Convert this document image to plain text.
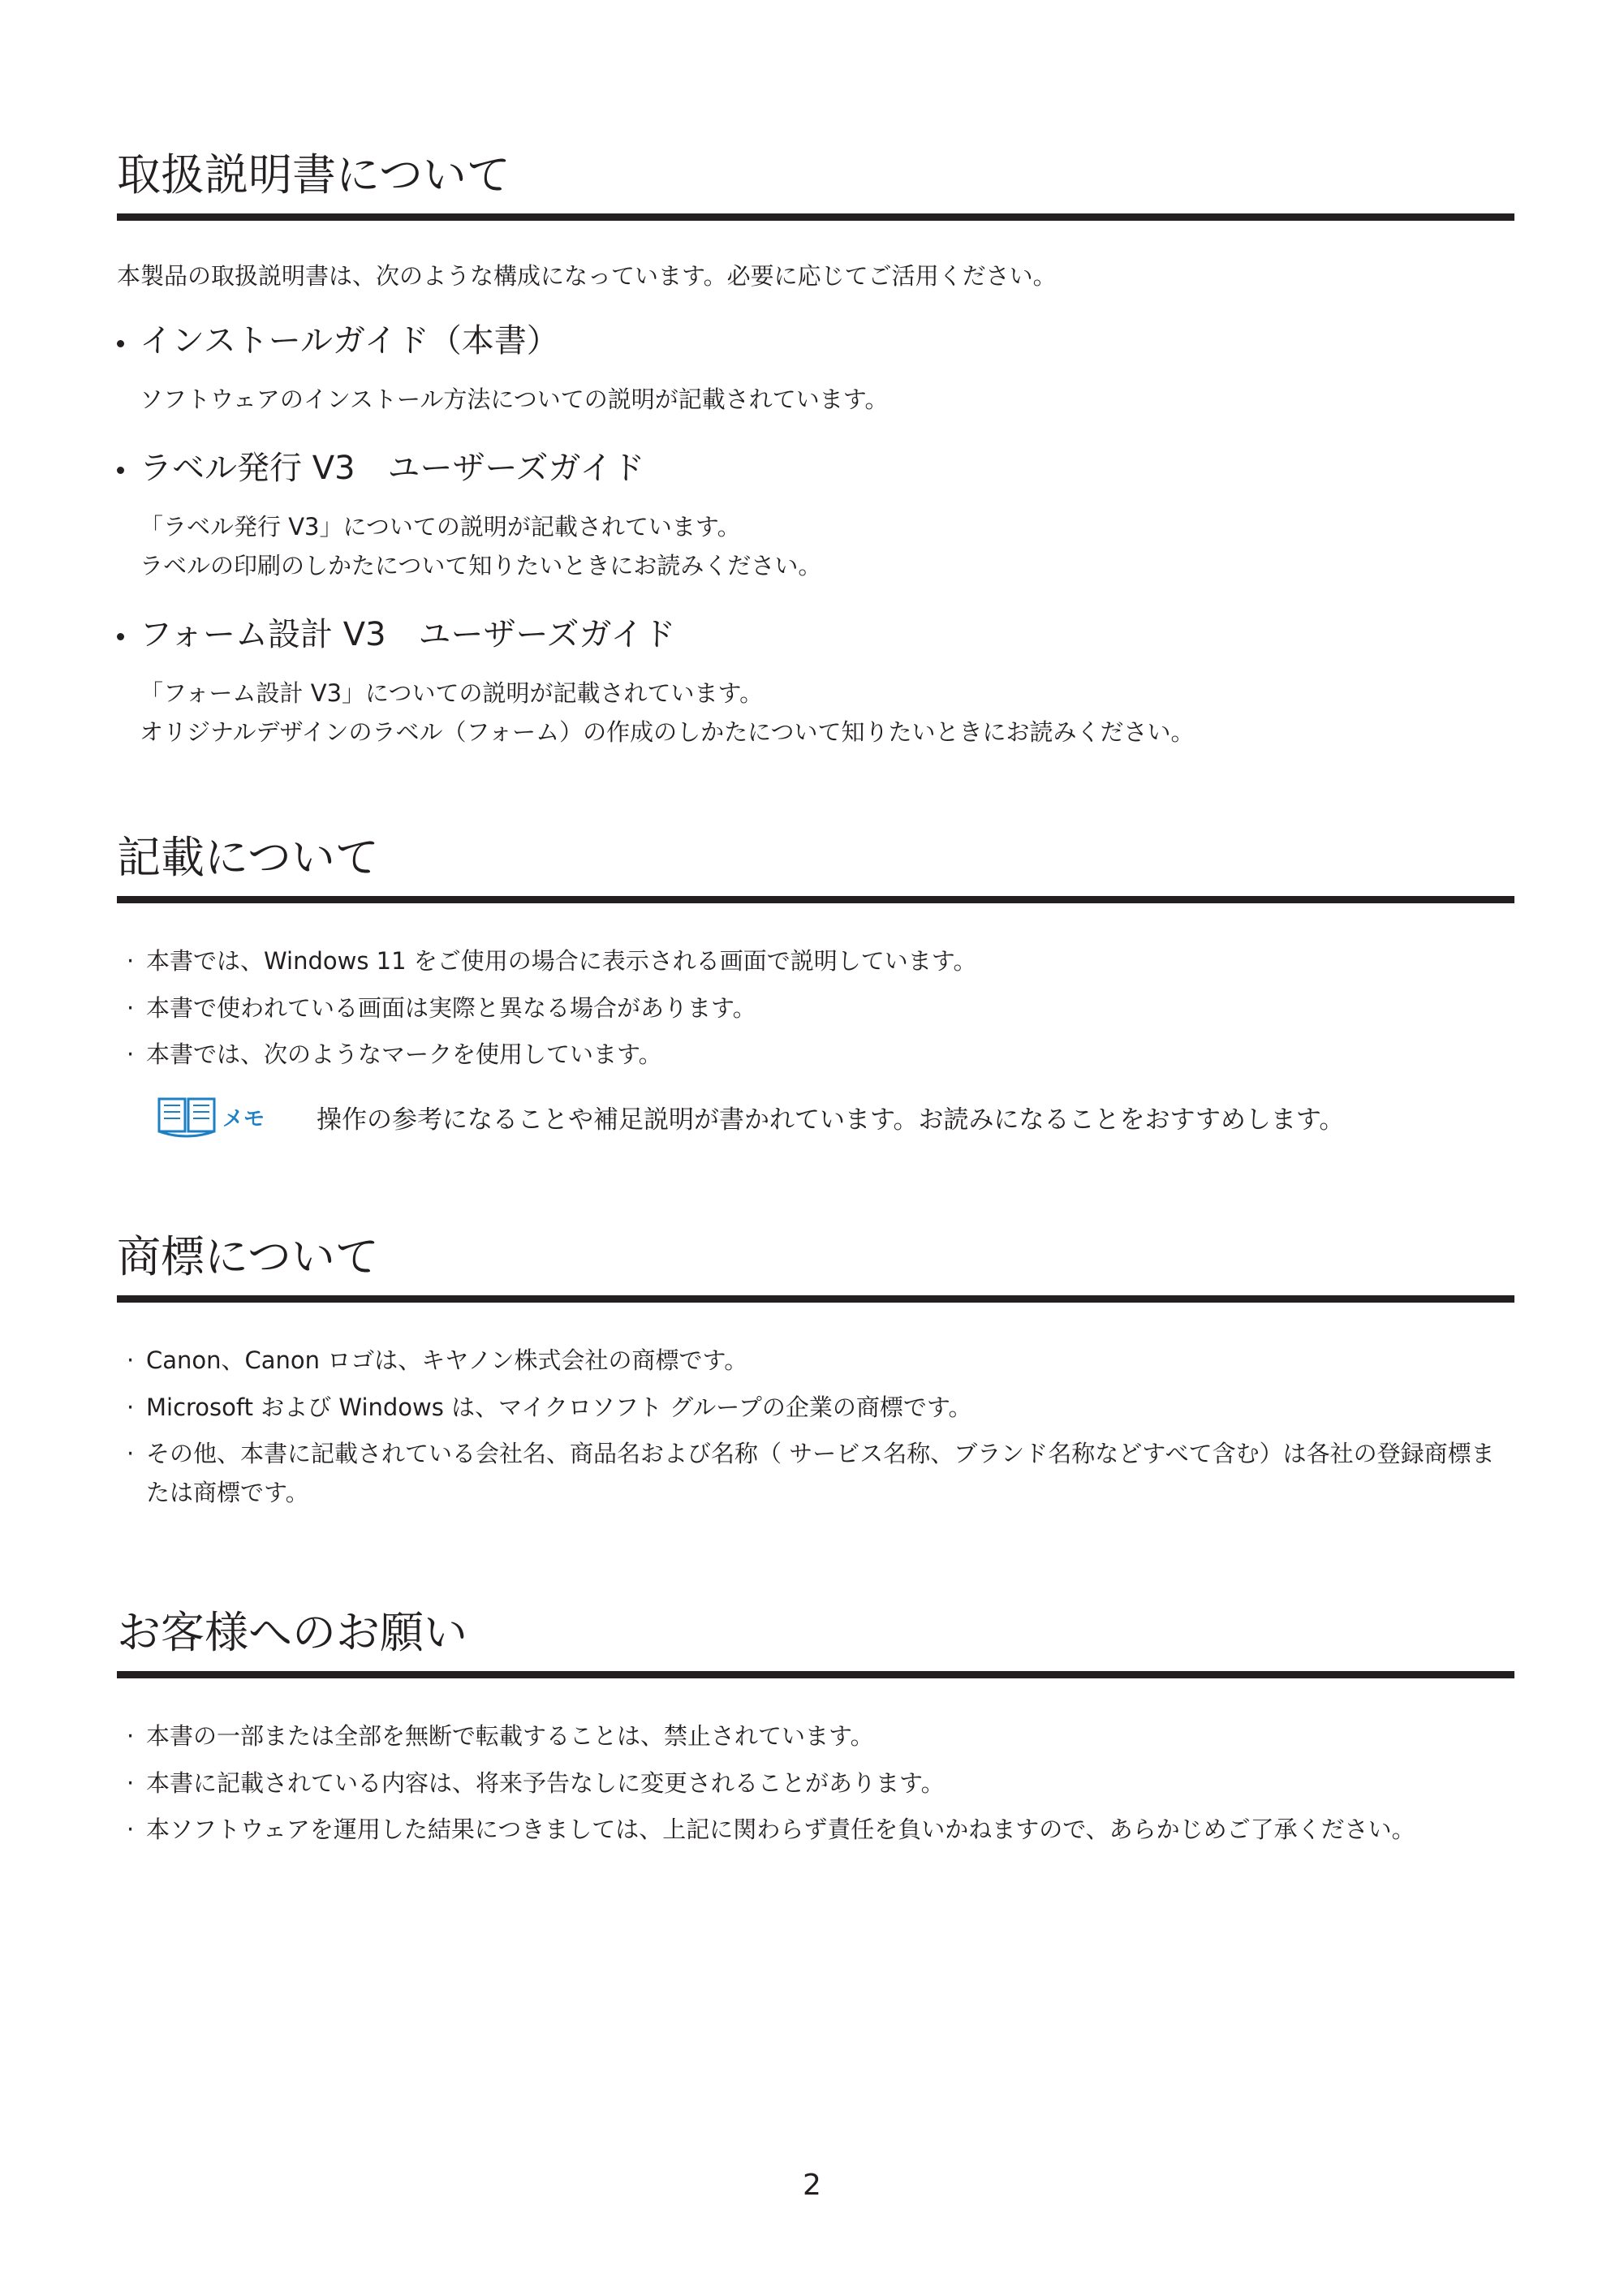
取扱説明書について

本製品の取扱説明書は、次のような構成になっています。必要に応じてご活用ください。

インストールガイド（本書）
ソフトウェアのインストール方法についての説明が記載されています。
ラベル発行 V3　ユーザーズガイド
「ラベル発行 V3」についての説明が記載されています。
ラベルの印刷のしかたについて知りたいときにお読みください。
フォーム設計 V3　ユーザーズガイド
「フォーム設計 V3」についての説明が記載されています。
オリジナルデザインのラベル（フォーム）の作成のしかたについて知りたいときにお読みください。
記載について
· 本書では、Windows 11 をご使用の場合に表示される画面で説明しています。
· 本書で使われている画面は実際と異なる場合があります。
· 本書では、次のようなマークを使用しています。
メモ	操作の参考になることや補足説明が書かれています。お読みになることをおすすめします。
商標について
· Canon、Canon ロゴは、キヤノン株式会社の商標です。
· Microsoft および Windows は、マイクロソフト グループの企業の商標です。
· その他、本書に記載されている会社名、商品名および名称（ サービス名称、ブランド名称などすべて含む）は各社の登録商標または商標です。
お客様へのお願い
· 本書の一部または全部を無断で転載することは、禁止されています。
· 本書に記載されている内容は、将来予告なしに変更されることがあります。
· 本ソフトウェアを運用した結果につきましては、上記に関わらず責任を負いかねますので、あらかじめご了承ください。
2
